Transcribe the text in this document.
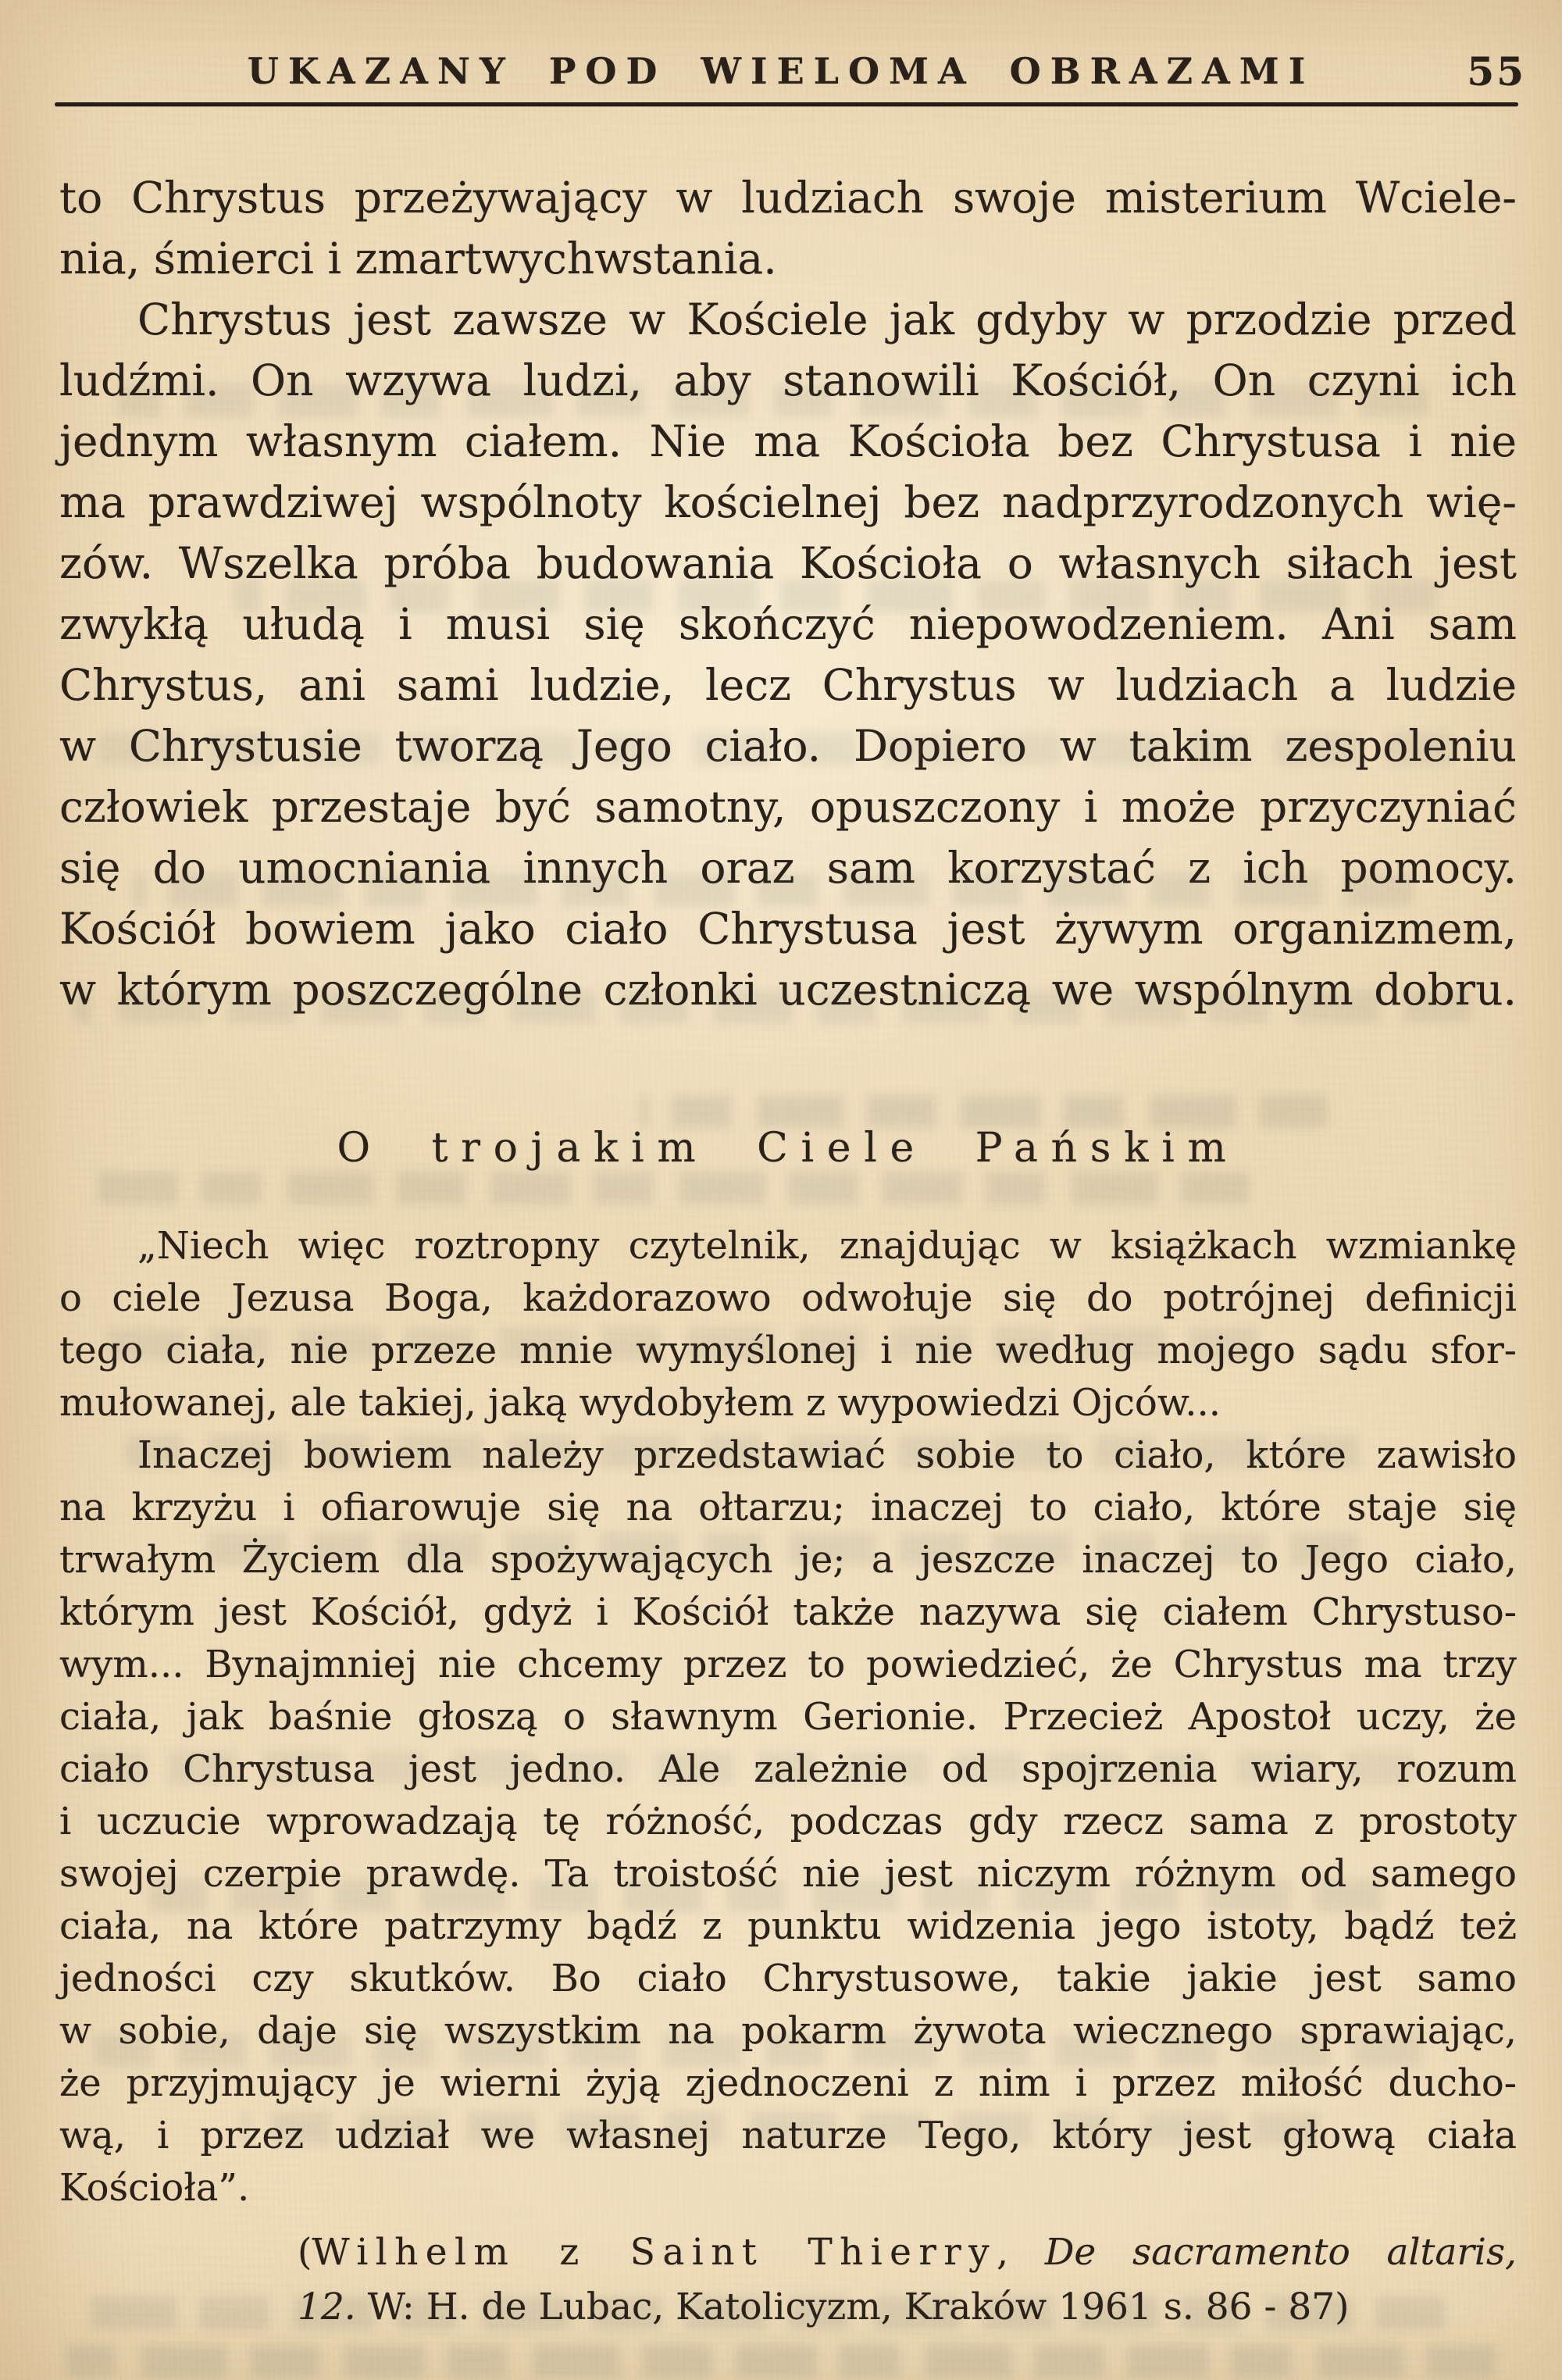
UKAZANY POD WIELOMA OBRAZAMI	55
to Chrystus przeżywający w ludziach swoje misterium Wciele-
nia, śmierci i zmartwychwstania.
Chrystus jest zawsze w Kościele jak gdyby w przodzie przed
ludźmi. On wzywa ludzi, aby stanowili Kościół, On czyni ich
jednym własnym ciałem. Nie ma Kościoła bez Chrystusa i nie
ma prawdziwej wspólnoty kościelnej bez nadprzyrodzonych wię-
zów. Wszelka próba budowania Kościoła o własnych siłach jest
zwykłą ułudą i musi się skończyć niepowodzeniem. Ani sam
Chrystus, ani sami ludzie, lecz Chrystus w ludziach a ludzie
w Chrystusie tworzą Jego ciało. Dopiero w takim zespoleniu
człowiek przestaje być samotny, opuszczony i może przyczyniać
się do umocniania innych oraz sam korzystać z ich pomocy.
Kościół bowiem jako ciało Chrystusa jest żywym organizmem,
w którym poszczególne członki uczestniczą we wspólnym dobru.
O trojakim Ciele Pańskim
„Niech więc roztropny czytelnik, znajdując w książkach wzmiankę
o ciele Jezusa Boga, każdorazowo odwołuje się do potrójnej definicji
tego ciała, nie przeze mnie wymyślonej i nie według mojego sądu sfor-
mułowanej, ale takiej, jaką wydobyłem z wypowiedzi Ojców...
Inaczej bowiem należy przedstawiać sobie to ciało, które zawisło
na krzyżu i ofiarowuje się na ołtarzu; inaczej to ciało, które staje się
trwałym Życiem dla spożywających je; a jeszcze inaczej to Jego ciało,
którym jest Kościół, gdyż i Kościół także nazywa się ciałem Chrystuso-
wym... Bynajmniej nie chcemy przez to powiedzieć, że Chrystus ma trzy
ciała, jak baśnie głoszą o sławnym Gerionie. Przecież Apostoł uczy, że
ciało Chrystusa jest jedno. Ale zależnie od spojrzenia wiary, rozum
i uczucie wprowadzają tę różność, podczas gdy rzecz sama z prostoty
swojej czerpie prawdę. Ta troistość nie jest niczym różnym od samego
ciała, na które patrzymy bądź z punktu widzenia jego istoty, bądź też
jedności czy skutków. Bo ciało Chrystusowe, takie jakie jest samo
w sobie, daje się wszystkim na pokarm żywota wiecznego sprawiając,
że przyjmujący je wierni żyją zjednoczeni z nim i przez miłość ducho-
wą, i przez udział we własnej naturze Tego, który jest głową ciała
Kościoła”.
(Wilhelm z Saint Thierry, De sacramento altaris,
12. W: H. de Lubac, Katolicyzm, Kraków 1961 s. 86 - 87)
